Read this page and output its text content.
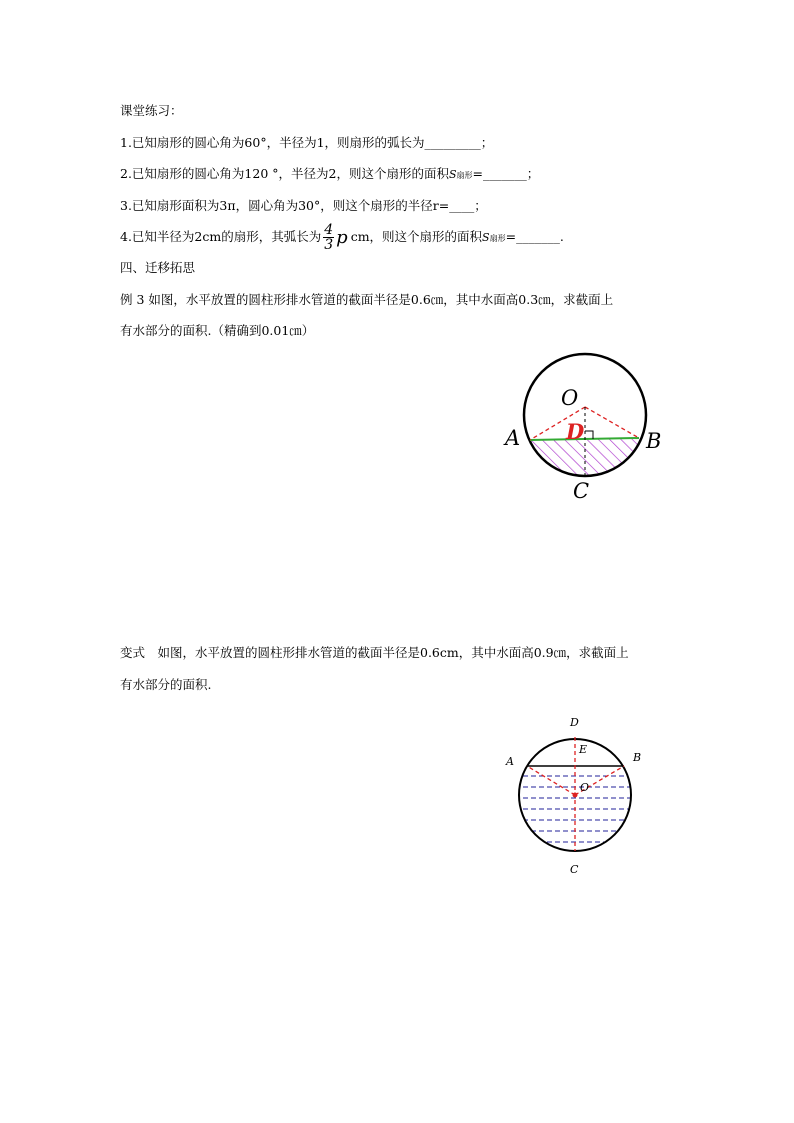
课堂练习：
1.已知扇形的圆心角为60°，半径为1，则扇形的弧长为_________；
2.已知扇形的圆心角为120 °，半径为2，则这个扇形的面积S扇形=_______；
3.已知扇形面积为3π，圆心角为30°，则这个扇形的半径r=____；
4.已知半径为2cm的扇形，其弧长为 $\frac{4}{3}$ p cm，则这个扇形的面积S扇形=_______.
四、迁移拓思
例 3 如图，水平放置的圆柱形排水管道的截面半径是0.6㎝，其中水面高0.3㎝，求截面上
有水部分的面积.（精确到0.01㎝）
O
A	B
C
D
变式　如图，水平放置的圆柱形排水管道的截面半径是0.6cm，其中水面高0.9㎝，求截面上
有水部分的面积.
D
E
A	B
O
C
